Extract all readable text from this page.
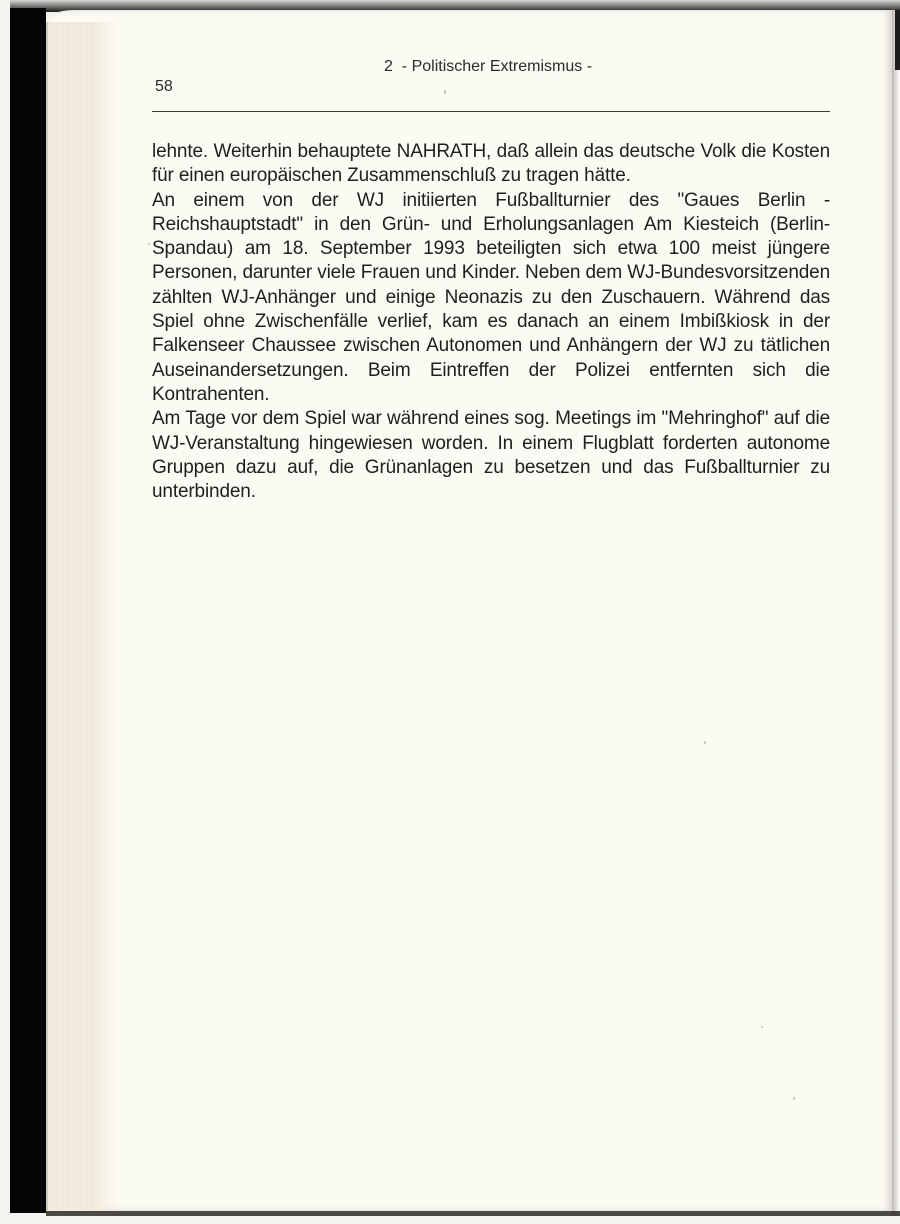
58
2  - Politischer Extremismus -

lehnte. Weiterhin behauptete NAHRATH, daß allein das deutsche Volk die Kosten für einen europäischen Zusammenschluß zu tragen hätte.

An einem von der WJ initiierten Fußballturnier des "Gaues Berlin - Reichshauptstadt" in den Grün- und Erholungsanlagen Am Kiesteich (Berlin-Spandau) am 18. September 1993 beteiligten sich etwa 100 meist jüngere Personen, darunter viele Frauen und Kinder. Neben dem WJ-Bundesvorsitzenden zählten WJ-Anhänger und einige Neonazis zu den Zuschauern. Während das Spiel ohne Zwischenfälle verlief, kam es danach an einem Imbißkiosk in der Falkenseer Chaussee zwischen Autonomen und Anhängern der WJ zu tätlichen Auseinandersetzungen. Beim Eintreffen der Polizei entfernten sich die Kontrahenten.

Am Tage vor dem Spiel war während eines sog. Meetings im "Mehringhof" auf die WJ-Veranstaltung hingewiesen worden. In einem Flugblatt forderten autonome Gruppen dazu auf, die Grünanlagen zu besetzen und das Fußballturnier zu unterbinden.
